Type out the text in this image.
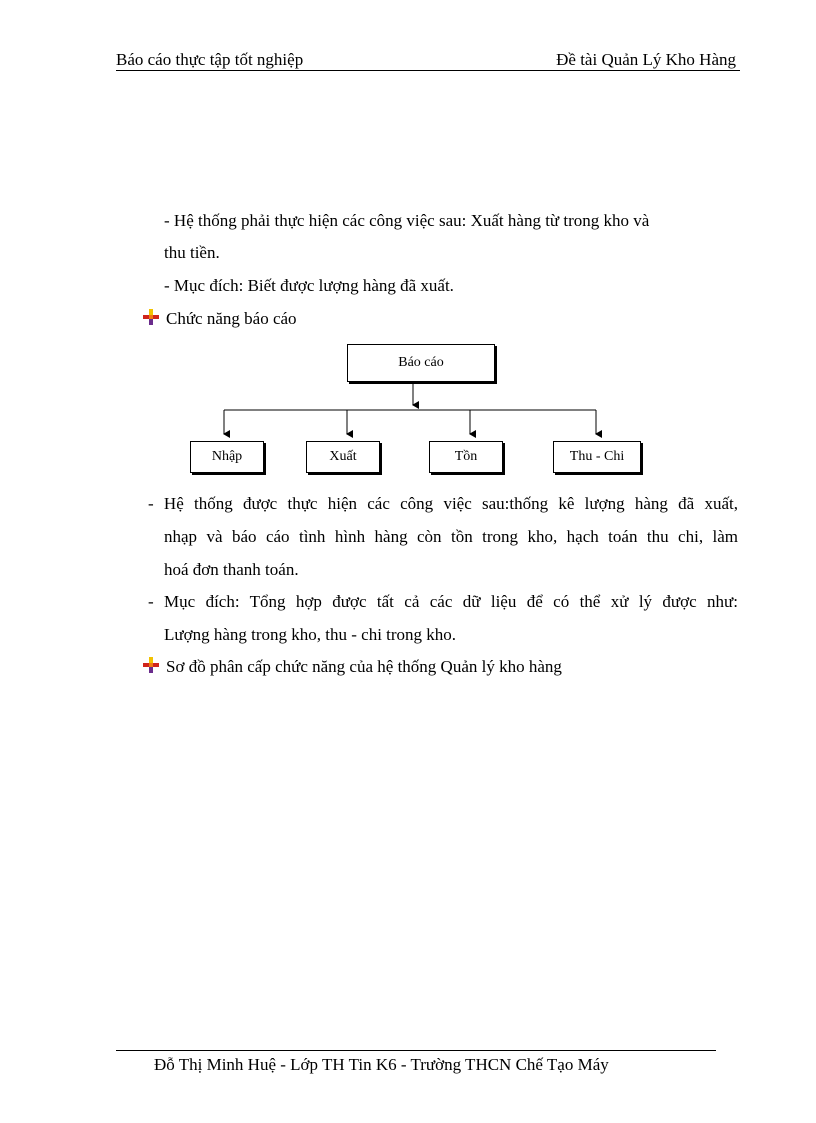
Báo cáo thực tập tốt nghiệp	Đề tài Quản Lý Kho Hàng
- Hệ thống phải thực hiện các công việc sau: Xuất hàng từ trong kho và
thu tiền.
- Mục đích: Biết được lượng hàng đã xuất.
Chức năng báo cáo
Báo cáo
Nhập	Xuất	Tồn	Thu - Chi
- Hệ thống được thực hiện các công việc sau:thống kê lượng hàng đã xuất,
nhạp và báo cáo tình hình hàng còn tồn trong kho, hạch toán thu chi, làm
hoá đơn thanh toán.
- Mục đích: Tổng hợp được tất cả các dữ liệu để có thể xử lý được như:
Lượng hàng trong kho, thu - chi trong kho.
Sơ đồ phân cấp chức năng của hệ thống Quản lý kho hàng
Đỗ Thị Minh Huệ - Lớp TH Tin K6 - Trường THCN Chế Tạo Máy
